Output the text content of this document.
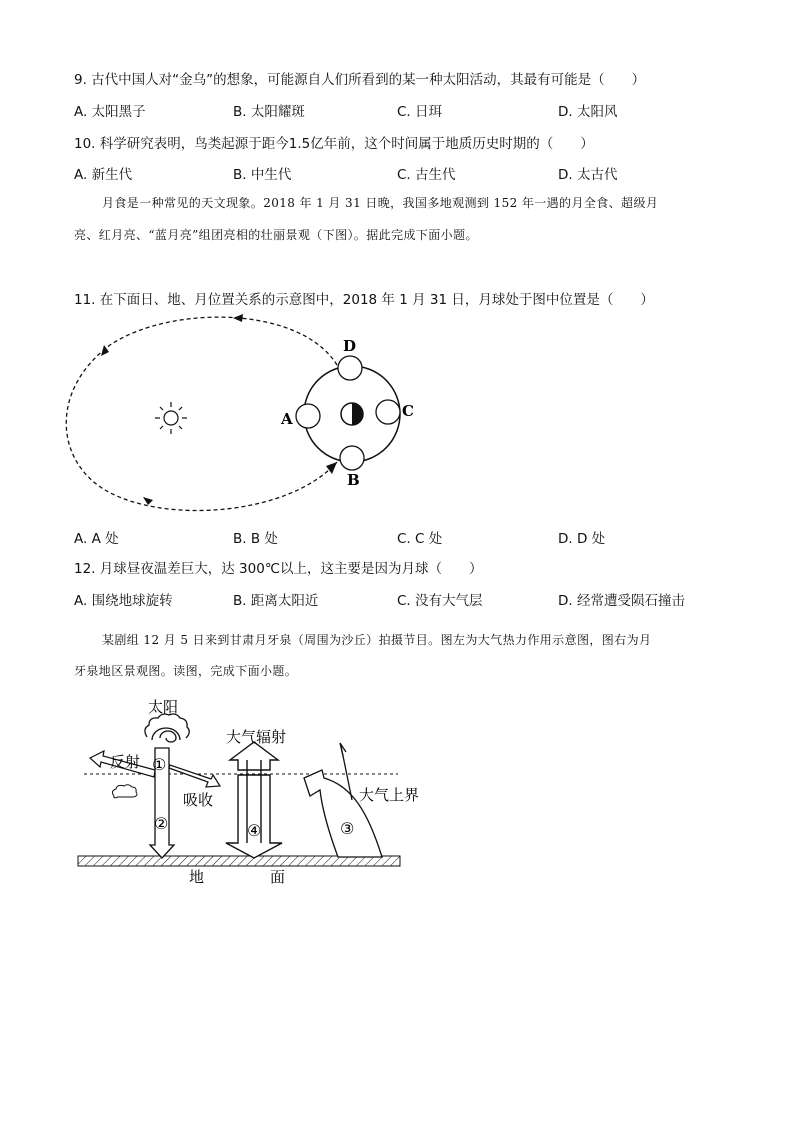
9. 古代中国人对“金乌”的想象，可能源自人们所看到的某一种太阳活动，其最有可能是（　　）
A. 太阳黑子	B. 太阳耀斑	C. 日珥	D. 太阳风
10. 科学研究表明，鸟类起源于距今1.5亿年前，这个时间属于地质历史时期的（　　）
A. 新生代	B. 中生代	C. 古生代	D. 太古代
月食是一种常见的天文现象。2018 年 1 月 31 日晚，我国多地观测到 152 年一遇的月全食、超级月
亮、红月亮、“蓝月亮”组团亮相的壮丽景观（下图）。据此完成下面小题。
11. 在下面日、地、月位置关系的示意图中，2018 年 1 月 31 日，月球处于图中位置是（　　）
D
B
A	C
A. A 处	B. B 处	C. C 处	D. D 处
12. 月球昼夜温差巨大，达 300℃以上，这主要是因为月球（　　）
A. 围绕地球旋转	B. 距离太阳近	C. 没有大气层	D. 经常遭受陨石撞击
某剧组 12 月 5 日来到甘肃月牙泉（周围为沙丘）拍摄节目。图左为大气热力作用示意图，图右为月
牙泉地区景观图。读图，完成下面小题。
太阳
反射
吸收
大气辐射
大气上界
地	面
①
②	③
④
